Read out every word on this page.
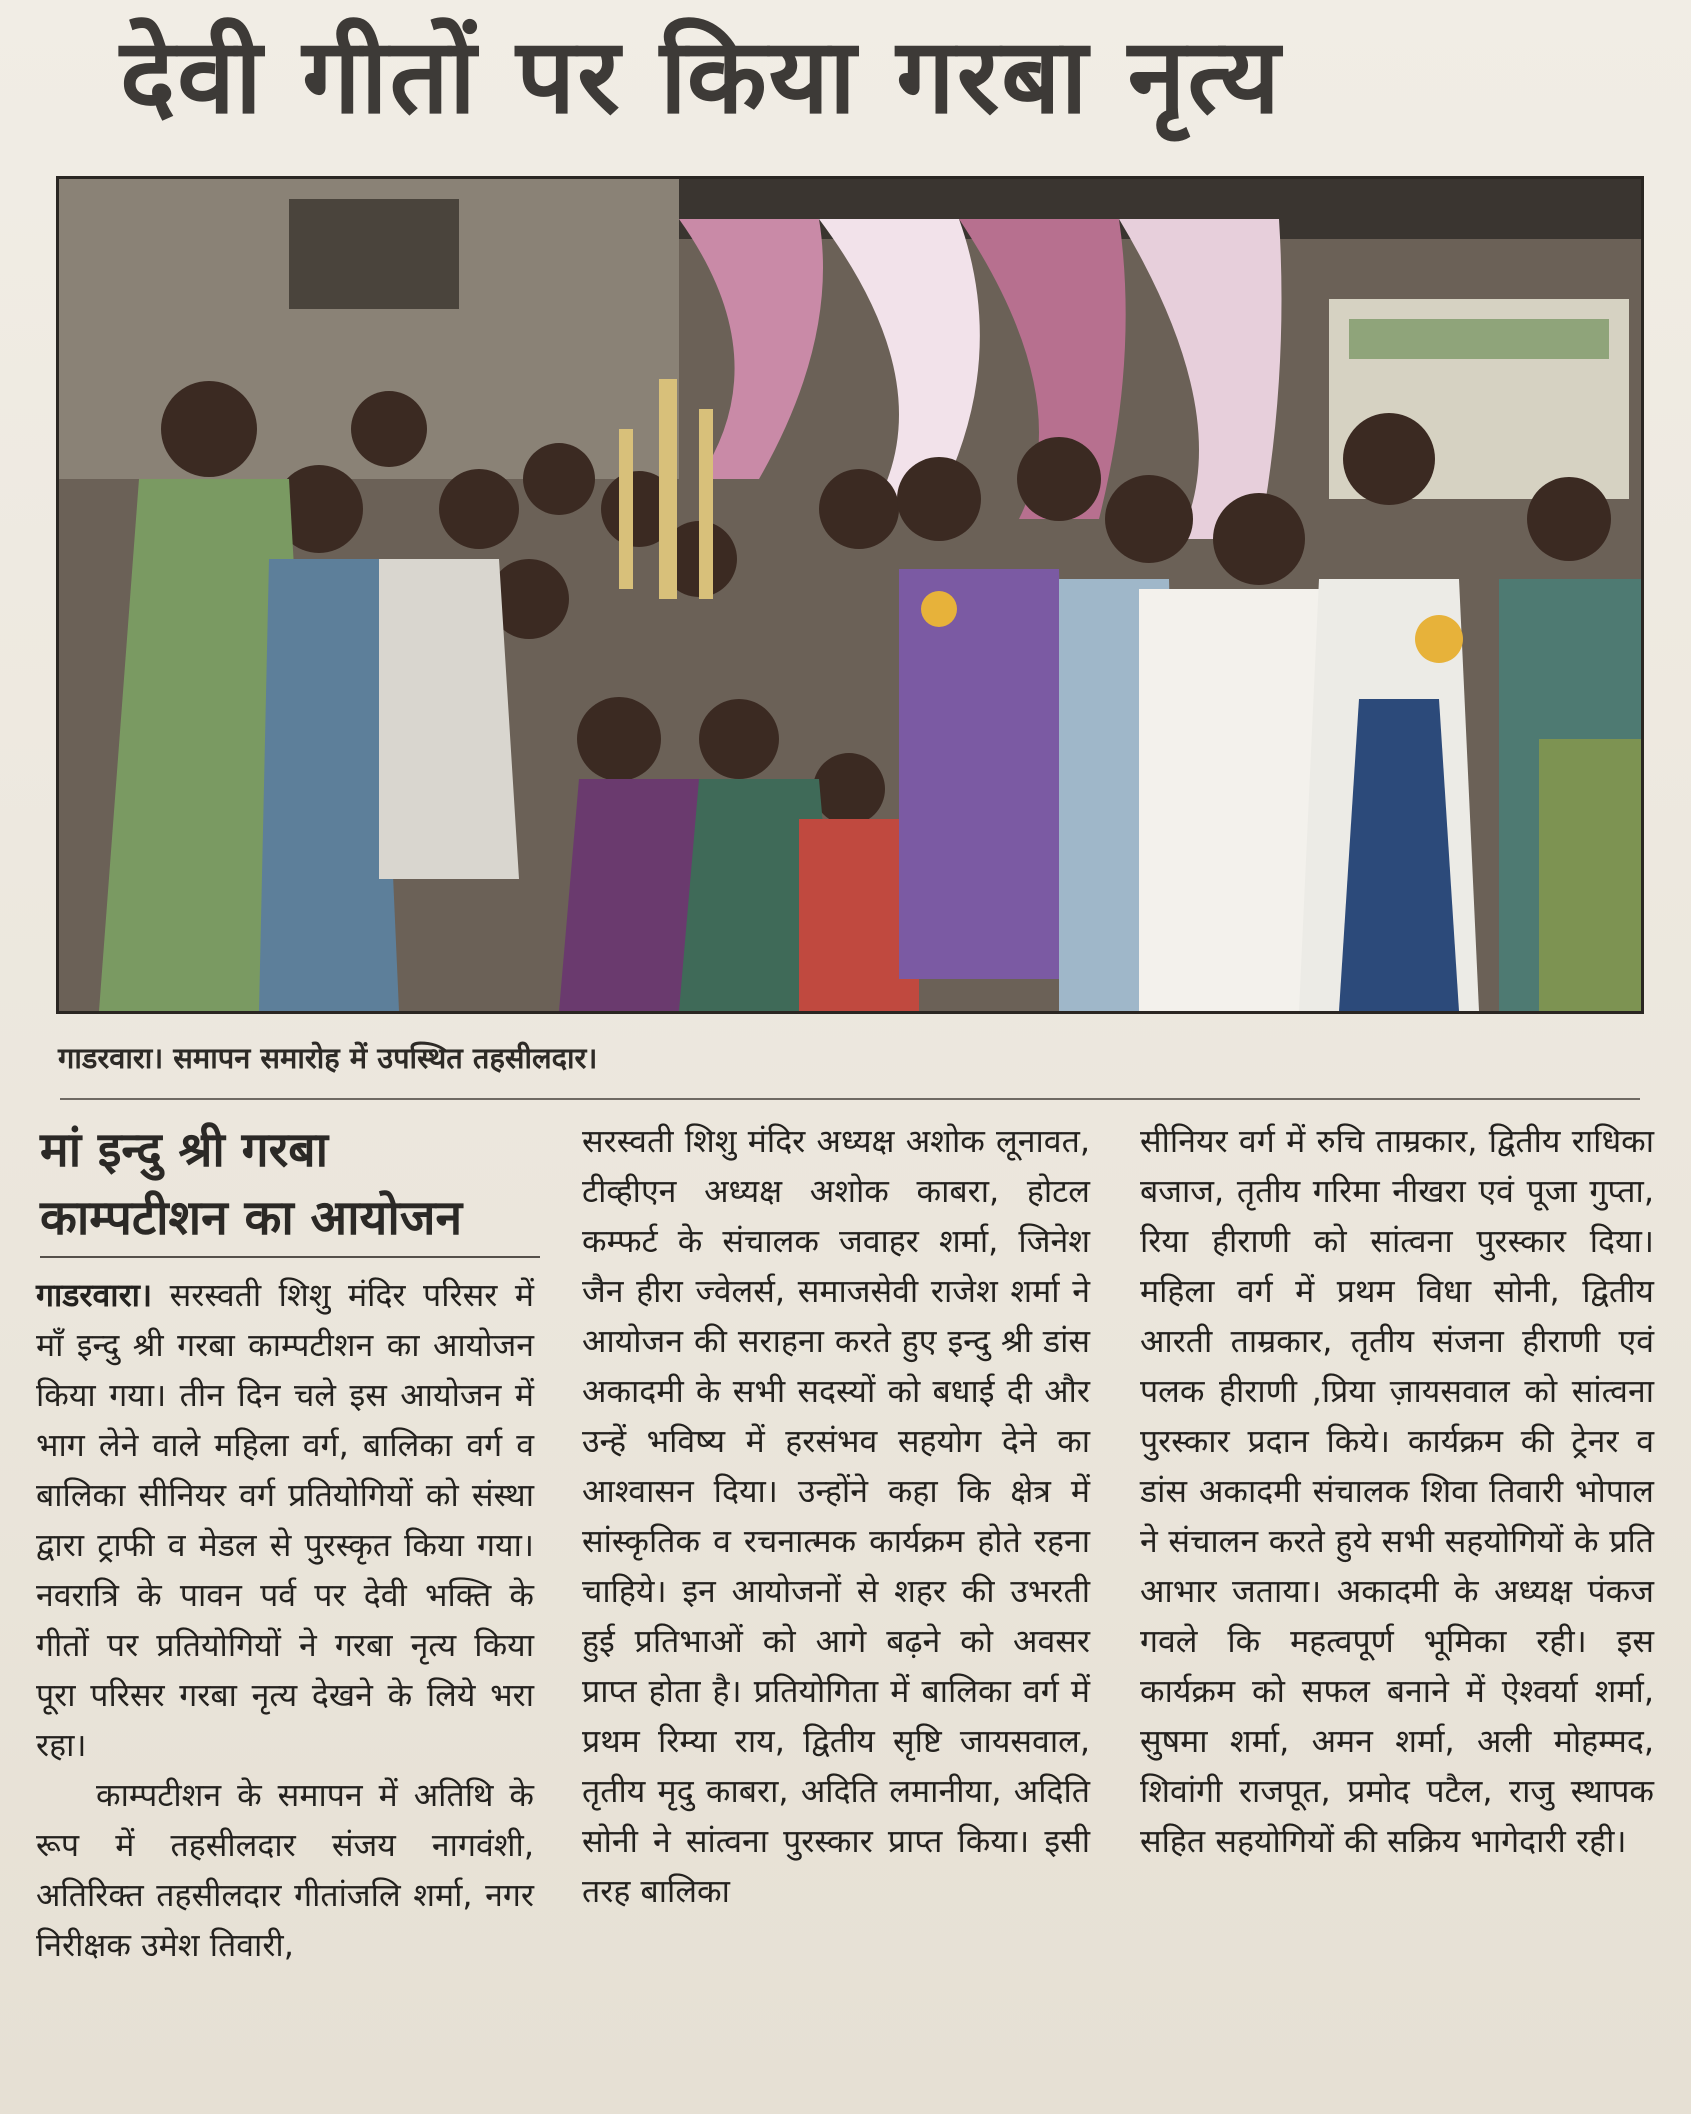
देवी गीतों पर किया गरबा नृत्य
गाडरवारा। समापन समारोह में उपस्थित तहसीलदार।
मां इन्दु श्री गरबा
काम्पटीशन का आयोजन

गाडरवारा। सरस्वती शिशु मंदिर परिसर में माँ इन्दु श्री गरबा काम्पटीशन का आयोजन किया गया। तीन दिन चले इस आयोजन में भाग लेने वाले महिला वर्ग, बालिका वर्ग व बालिका सीनियर वर्ग प्रतियोगियों को संस्था द्वारा ट्राफी व मेडल से पुरस्कृत किया गया। नवरात्रि के पावन पर्व पर देवी भक्ति के गीतों पर प्रतियोगियों ने गरबा नृत्य किया पूरा परिसर गरबा नृत्य देखने के लिये भरा रहा।

काम्पटीशन के समापन में अतिथि के रूप में तहसीलदार संजय नागवंशी, अतिरिक्त तहसीलदार गीतांजलि शर्मा, नगर निरीक्षक उमेश तिवारी,

सरस्वती शिशु मंदिर अध्यक्ष अशोक लूनावत, टीव्हीएन अध्यक्ष अशोक काबरा, होटल कम्फर्ट के संचालक जवाहर शर्मा, जिनेश जैन हीरा ज्वेलर्स, समाजसेवी राजेश शर्मा ने आयोजन की सराहना करते हुए इन्दु श्री डांस अकादमी के सभी सदस्यों को बधाई दी और उन्हें भविष्य में हरसंभव सहयोग देने का आश्वासन दिया। उन्होंने कहा कि क्षेत्र में सांस्कृतिक व रचनात्मक कार्यक्रम होते रहना चाहिये। इन आयोजनों से शहर की उभरती हुई प्रतिभाओं को आगे बढ़ने को अवसर प्राप्त होता है। प्रतियोगिता में बालिका वर्ग में प्रथम रिम्या राय, द्वितीय सृष्टि जायसवाल, तृतीय मृदु काबरा, अदिति लमानीया, अदिति सोनी ने सांत्वना पुरस्कार प्राप्त किया। इसी तरह बालिका

सीनियर वर्ग में रुचि ताम्रकार, द्वितीय राधिका बजाज, तृतीय गरिमा नीखरा एवं पूजा गुप्ता, रिया हीराणी को सांत्वना पुरस्कार दिया। महिला वर्ग में प्रथम विधा सोनी, द्वितीय आरती ताम्रकार, तृतीय संजना हीराणी एवं पलक हीराणी ,प्रिया ज़ायसवाल को सांत्वना पुरस्कार प्रदान किये। कार्यक्रम की ट्रेनर व डांस अकादमी संचालक शिवा तिवारी भोपाल ने संचालन करते हुये सभी सहयोगियों के प्रति आभार जताया। अकादमी के अध्यक्ष पंकज गवले कि महत्वपूर्ण भूमिका रही। इस कार्यक्रम को सफल बनाने में ऐश्वर्या शर्मा, सुषमा शर्मा, अमन शर्मा, अली मोहम्मद, शिवांगी राजपूत, प्रमोद पटैल, राजु स्थापक सहित सहयोगियों की सक्रिय भागेदारी रही।
